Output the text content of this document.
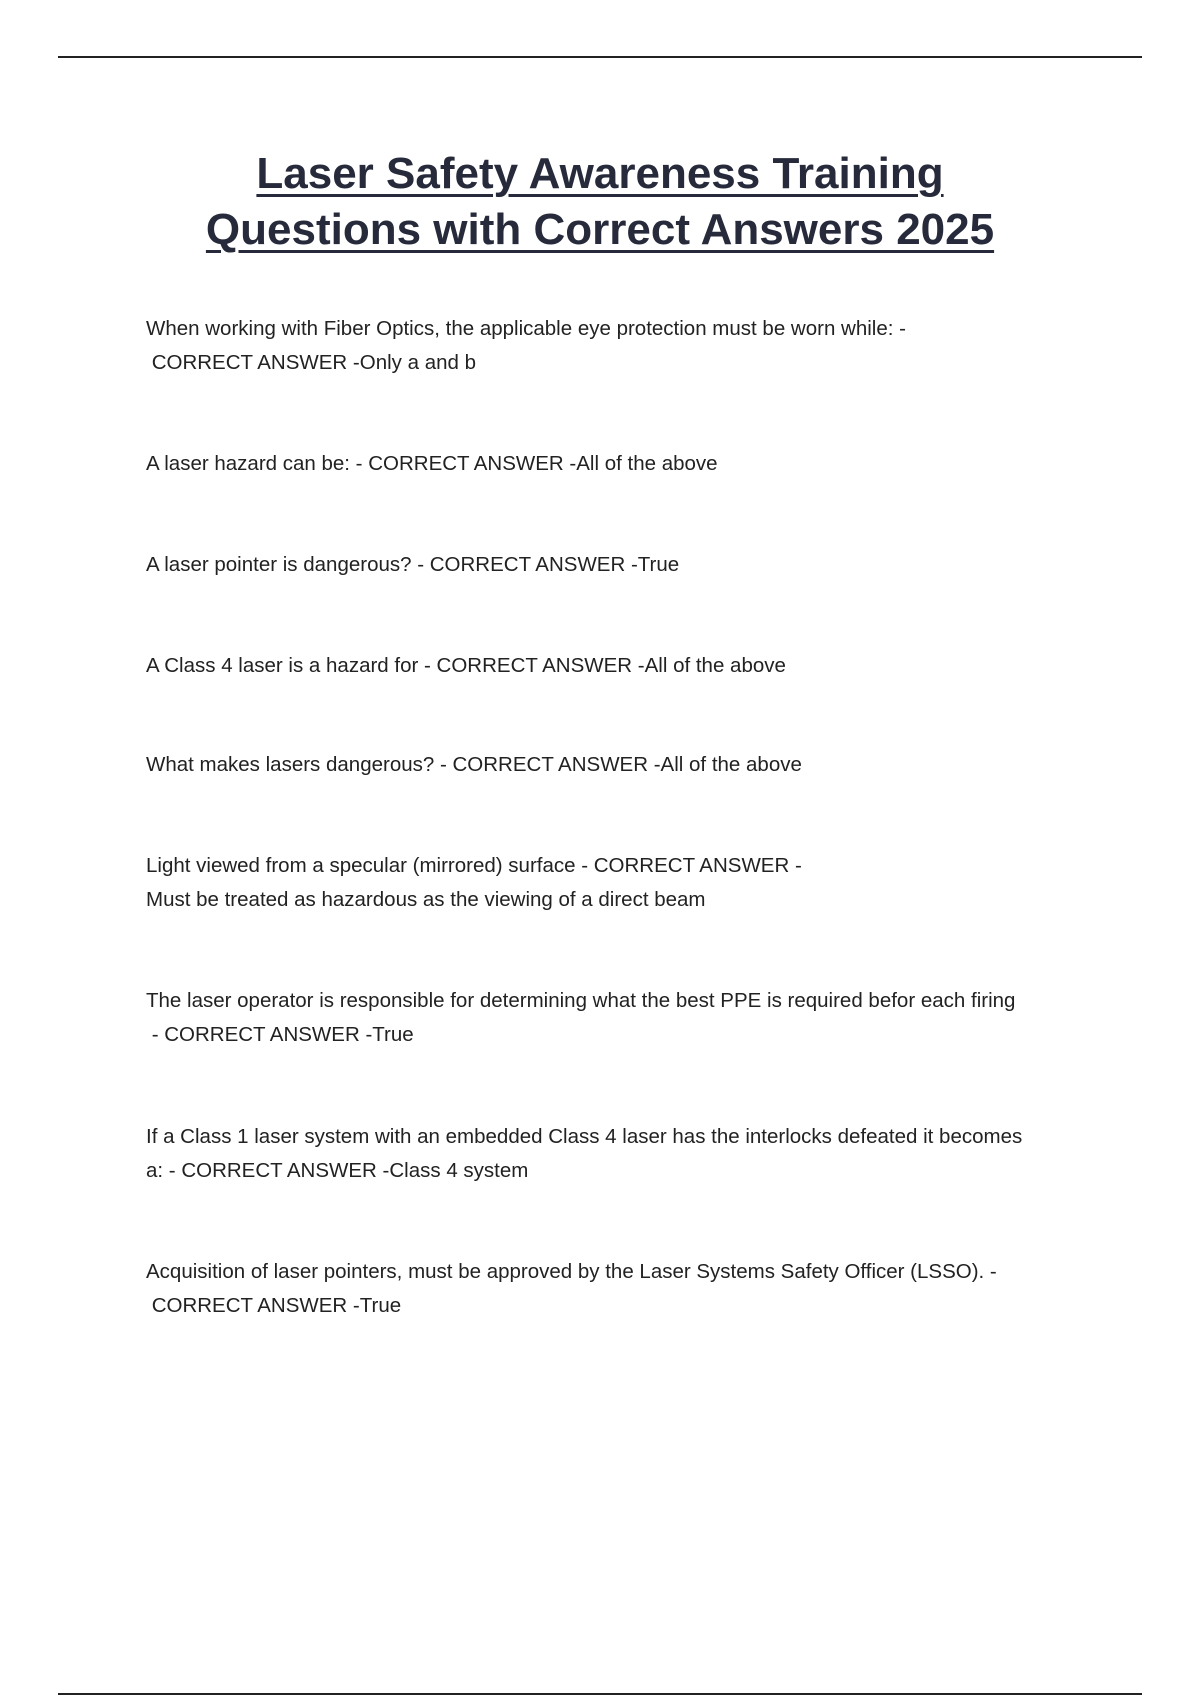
Laser Safety Awareness Training
Questions with Correct Answers 2025
When working with Fiber Optics, the applicable eye protection must be worn while: -
CORRECT ANSWER -Only a and b
A laser hazard can be: - CORRECT ANSWER -All of the above
A laser pointer is dangerous? - CORRECT ANSWER -True
A Class 4 laser is a hazard for - CORRECT ANSWER -All of the above
What makes lasers dangerous? - CORRECT ANSWER -All of the above
Light viewed from a specular (mirrored) surface - CORRECT ANSWER -
Must be treated as hazardous as the viewing of a direct beam
The laser operator is responsible for determining what the best PPE is required befor each firing
- CORRECT ANSWER -True
If a Class 1 laser system with an embedded Class 4 laser has the interlocks defeated it becomes
a: - CORRECT ANSWER -Class 4 system
Acquisition of laser pointers, must be approved by the Laser Systems Safety Officer (LSSO). -
CORRECT ANSWER -True
